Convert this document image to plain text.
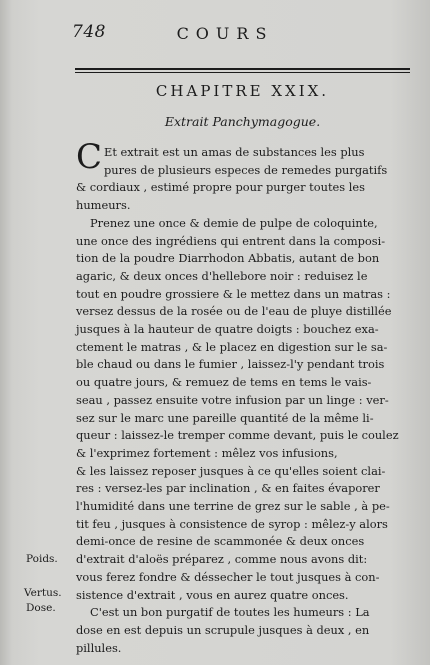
748	COURS
CHAPITRE XXIX.
Extrait Panchymagogue.
C Et extrait est un amas de substances les plus
pures de plusieurs especes de remedes purgatifs
& cordiaux , estimé propre pour purger toutes les
humeurs.
Prenez une once & demie de pulpe de coloquinte,
une once des ingrédiens qui entrent dans la composi-
tion de la poudre Diarrhodon Abbatis, autant de bon
agaric, & deux onces d'hellebore noir : reduisez le
tout en poudre grossiere & le mettez dans un matras :
versez dessus de la rosée ou de l'eau de pluye distillée
jusques à la hauteur de quatre doigts : bouchez exa-
ctement le matras , & le placez en digestion sur le sa-
ble chaud ou dans le fumier , laissez-l'y pendant trois
ou quatre jours, & remuez de tems en tems le vais-
seau , passez ensuite votre infusion par un linge : ver-
sez sur le marc une pareille quantité de la même li-
queur : laissez-le tremper comme devant, puis le coulez
& l'exprimez fortement : mêlez vos infusions,
& les laissez reposer jusques à ce qu'elles soient clai-
res : versez-les par inclination , & en faites évaporer
l'humidité dans une terrine de grez sur le sable , à pe-
tit feu , jusques à consistence de syrop : mêlez-y alors
demi-once de resine de scammonée & deux onces
d'extrait d'aloës préparez , comme nous avons dit:
vous ferez fondre & déssecher le tout jusques à con-
sistence d'extrait , vous en aurez quatre onces.
C'est un bon purgatif de toutes les humeurs : La
dose en est depuis un scrupule jusques à deux , en
pillules.
Poids.
Vertus.
Dose.
